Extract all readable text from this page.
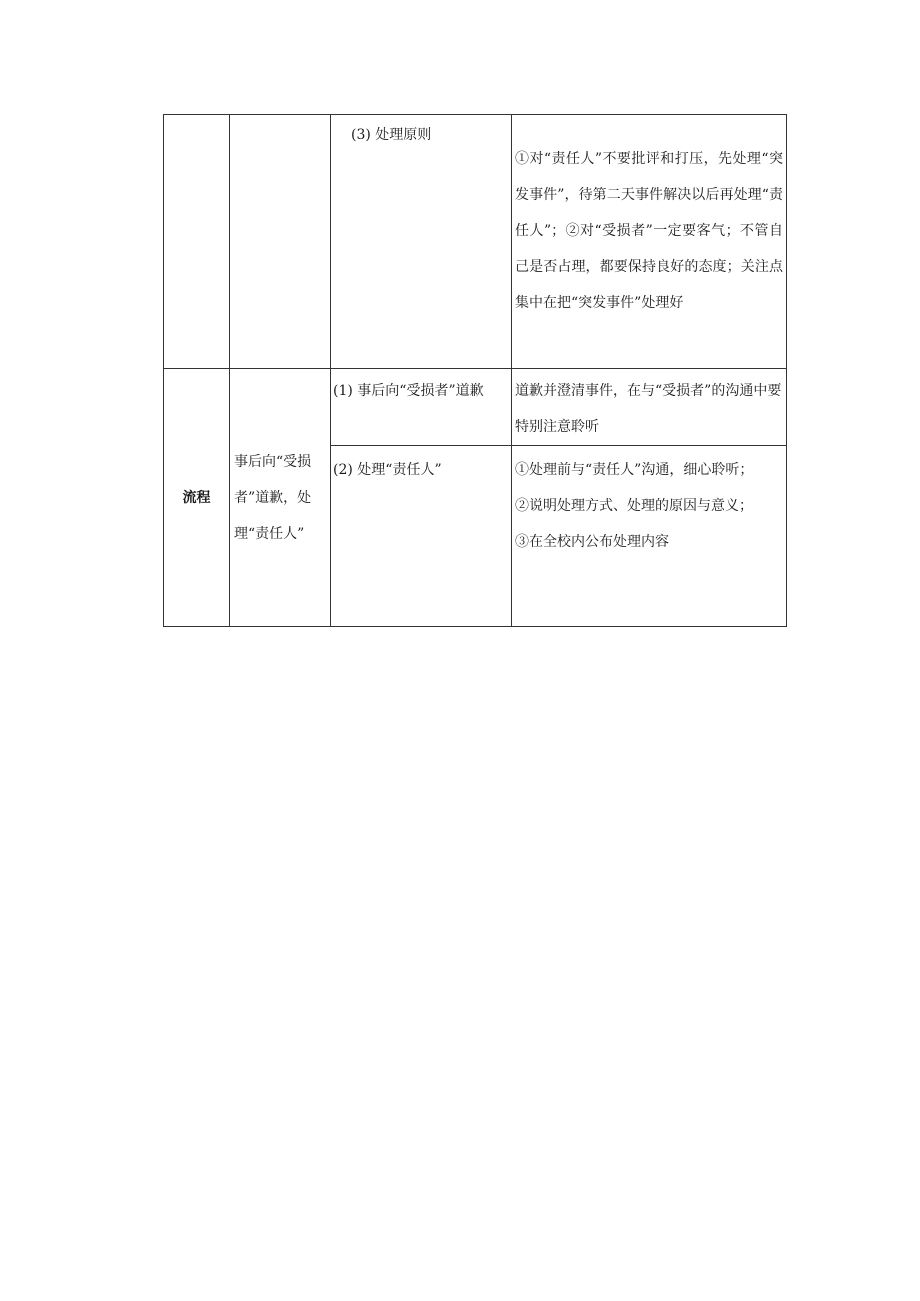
		(3) 处理原则	①对“责任人”不要批评和打压，先处理“突发事件”，待第二天事件解决以后再处理“责任人”；②对“受损者”一定要客气；不管自己是否占理，都要保持良好的态度；关注点集中在把“突发事件”处理好

流程	事后向“受损者”道歉，处理“责任人”	(1) 事后向“受损者”道歉	道歉并澄清事件，在与“受损者”的沟通中要特别注意聆听

		(2) 处理“责任人”	①处理前与“责任人”沟通，细心聆听；
②说明处理方式、处理的原因与意义；
③在全校内公布处理内容
